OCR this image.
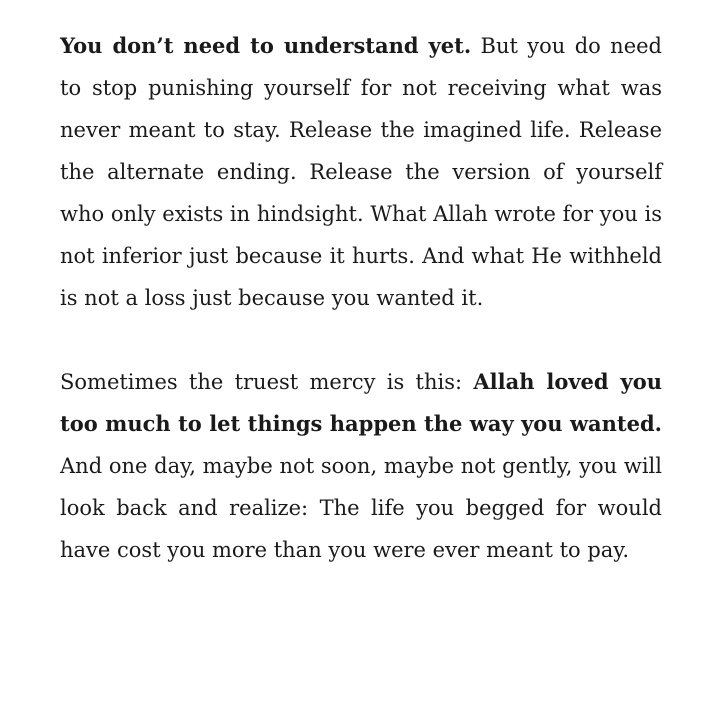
You don’t need to understand yet. But you do need to stop punishing yourself for not receiving what was never meant to stay. Release the imagined life. Release the alternate ending. Release the version of yourself who only exists in hindsight. What Allah wrote for you is not inferior just because it hurts. And what He withheld is not a loss just because you wanted it.

Sometimes the truest mercy is this: Allah loved you too much to let things happen the way you wanted. And one day, maybe not soon, maybe not gently, you will look back and realize: The life you begged for would have cost you more than you were ever meant to pay.
